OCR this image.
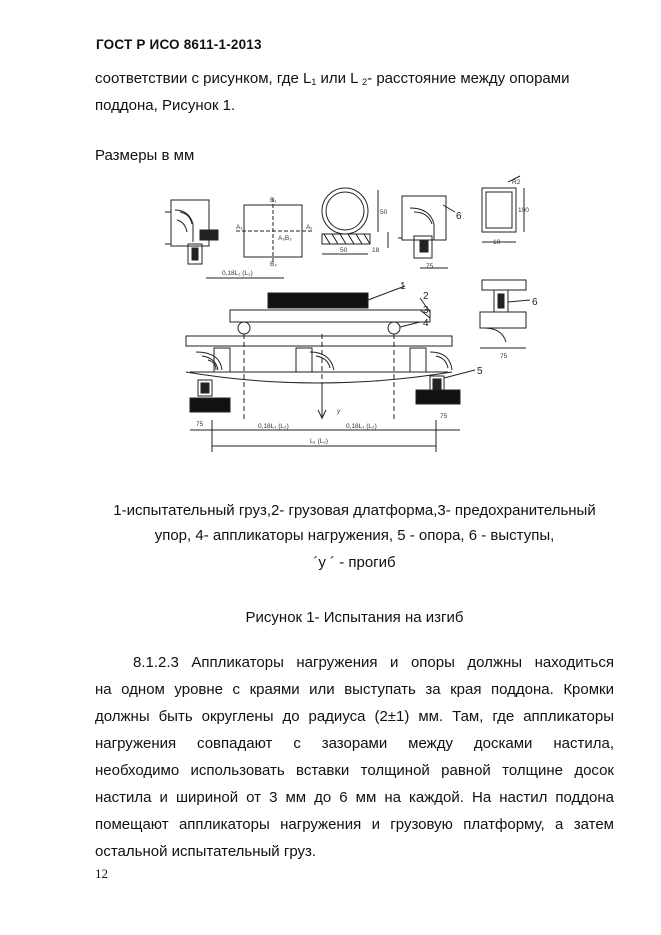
ГОСТ Р ИСО 8611-1-2013
соответствии с рисунком, где $L_1$ или L $_2$- расстояние между опорами
поддона, Рисунок 1.
Размеры в мм
1
2
3
4
5
6
6
B₁
B₂
A₁	A₁
A₂B₂
50	18
50	100
R2
10
75
75
75
75
0,18L₁ (L₂)
0,18L₁ (L₂)	0,18L₁ (L₂)
L₁ (L₂)
y
1-испытательный груз,2- грузовая длатформа,3- предохранительный
упор, 4- аппликаторы нагружения, 5 - опора, 6 - выступы,
´у ´ - прогиб
Рисунок 1- Испытания на изгиб
8.1.2.3 Аппликаторы нагружения и опоры должны находиться
на одном уровне с краями или выступать за края поддона. Кромки
должны быть округлены до радиуса (2±1) мм. Там, где аппликаторы
нагружения совпадают с зазорами между досками настила,
необходимо использовать вставки толщиной равной толщине досок
настила и шириной от 3 мм до 6 мм на каждой. На настил поддона
помещают аппликаторы нагружения и грузовую платформу, а затем
остальной испытательный груз.
12
